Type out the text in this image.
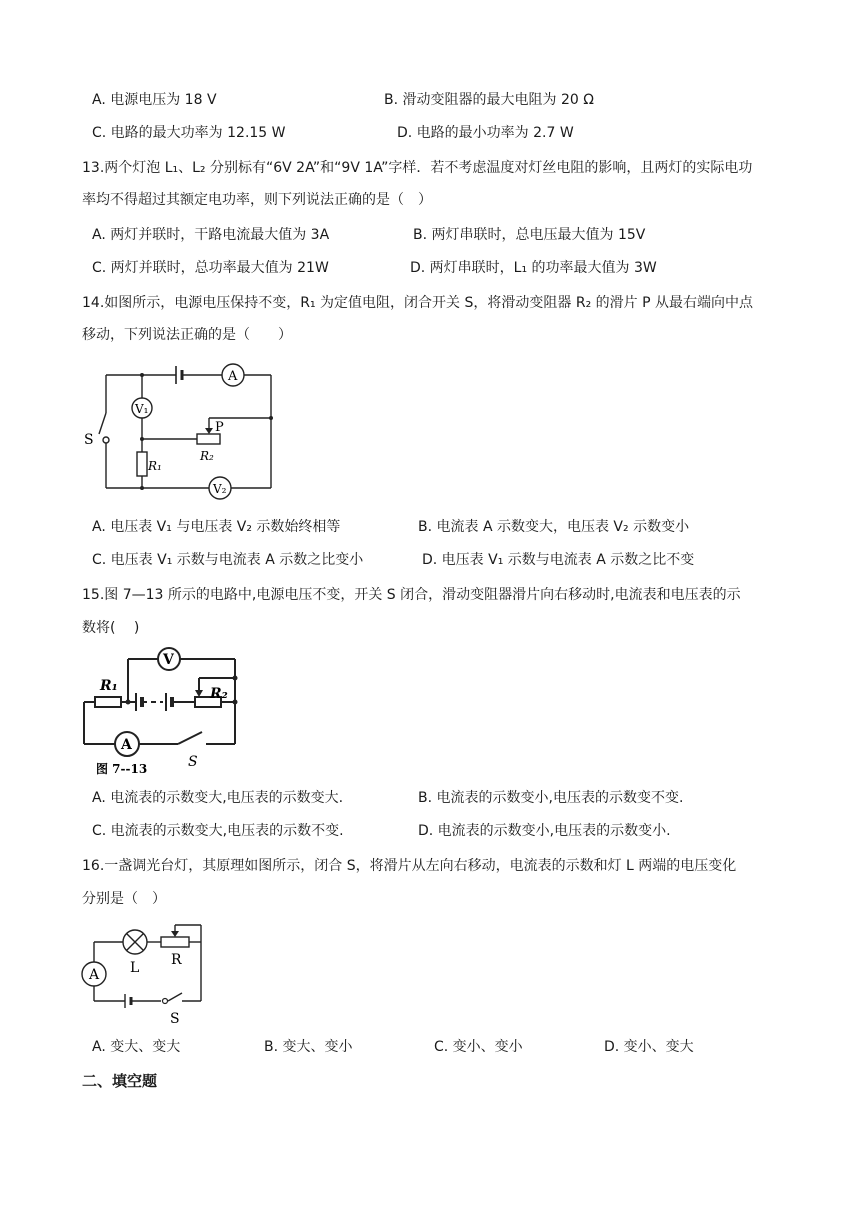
A. 电源电压为 18 V	B. 滑动变阻器的最大电阻为 20 Ω
C. 电路的最大功率为 12.15 W	D. 电路的最小功率为 2.7 W
13.两个灯泡 L₁、L₂ 分别标有“6V 2A”和“9V 1A”字样．若不考虑温度对灯丝电阻的影响，且两灯的实际电功
率均不得超过其额定电功率，则下列说法正确的是（　）
A. 两灯并联时，干路电流最大值为 3A	B. 两灯串联时，总电压最大值为 15V
C. 两灯并联时，总功率最大值为 21W	D. 两灯串联时，L₁ 的功率最大值为 3W
14.如图所示，电源电压保持不变，R₁ 为定值电阻，闭合开关 S，将滑动变阻器 R₂ 的滑片 P 从最右端向中点
移动，下列说法正确的是（　　）
S
V₁
A
V₂
P
R₁
R₂
A. 电压表 V₁ 与电压表 V₂ 示数始终相等	B. 电流表 A 示数变大，电压表 V₂ 示数变小
C. 电压表 V₁ 示数与电流表 A 示数之比变小	D. 电压表 V₁ 示数与电流表 A 示数之比不变
15.图 7—13 所示的电路中,电源电压不变，开关 S 闭合，滑动变阻器滑片向右移动时,电流表和电压表的示
数将(　 )
V
R₁	R₂
A
S
图 7--13
A. 电流表的示数变大,电压表的示数变大.	B. 电流表的示数变小,电压表的示数变不变.
C. 电流表的示数变大,电压表的示数不变.	D. 电流表的示数变小,电压表的示数变小.
16.一盏调光台灯，其原理如图所示，闭合 S，将滑片从左向右移动，电流表的示数和灯 L 两端的电压变化
分别是（　）
A L R
S
A. 变大、变大	B. 变大、变小	C. 变小、变小	D. 变小、变大
二、填空题
